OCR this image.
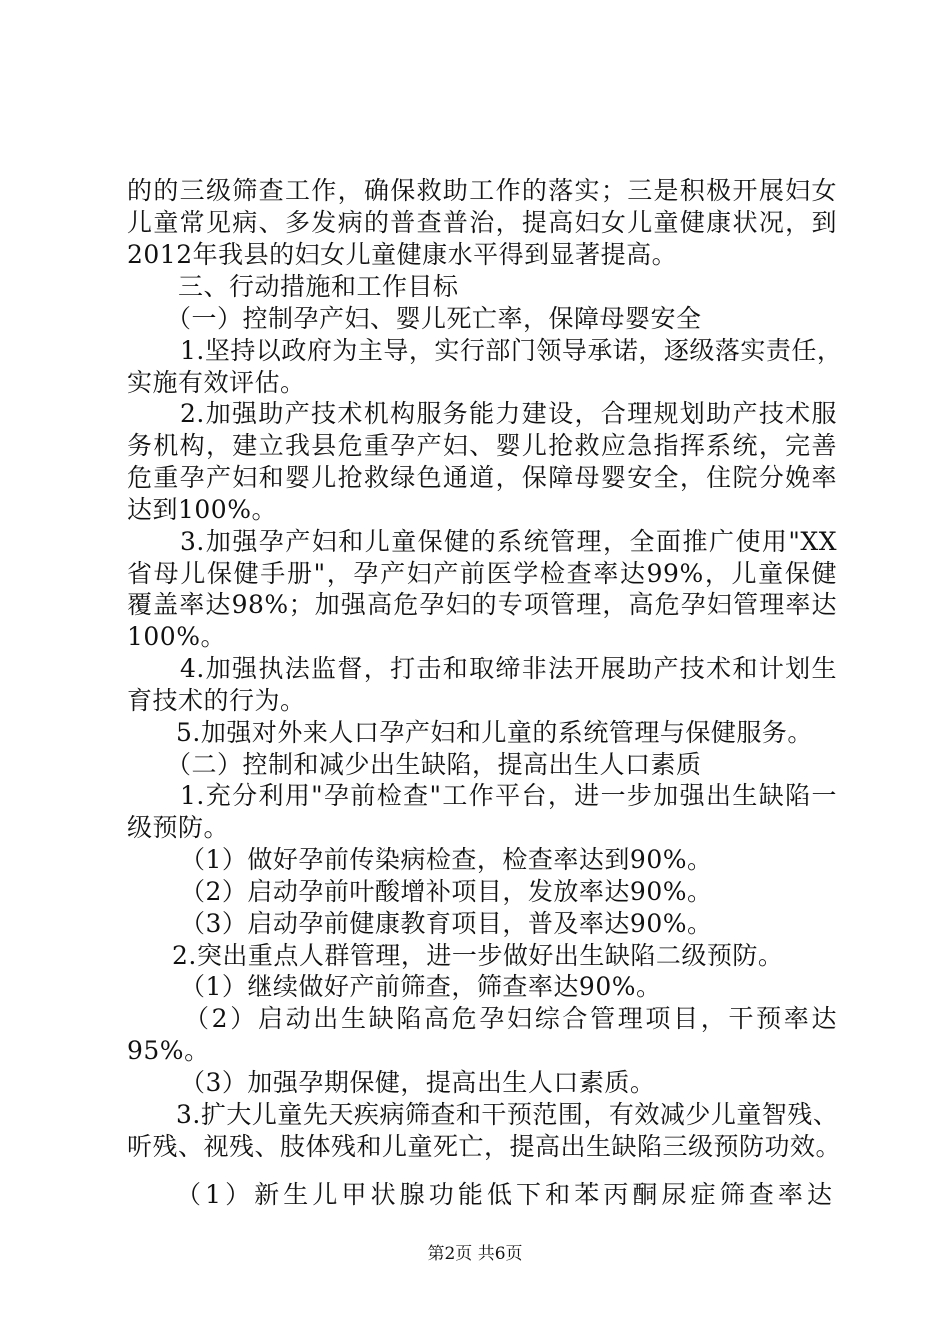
的的三级筛查工作，确保救助工作的落实；三是积极开展妇女
儿童常见病、多发病的普查普治，提高妇女儿童健康状况，到
2012年我县的妇女儿童健康水平得到显著提高。
三、行动措施和工作目标
（一）控制孕产妇、婴儿死亡率，保障母婴安全
1.坚持以政府为主导，实行部门领导承诺，逐级落实责任，
实施有效评估。
2.加强助产技术机构服务能力建设，合理规划助产技术服
务机构，建立我县危重孕产妇、婴儿抢救应急指挥系统，完善
危重孕产妇和婴儿抢救绿色通道，保障母婴安全，住院分娩率
达到100%。
3.加强孕产妇和儿童保健的系统管理，全面推广使用"XX
省母儿保健手册"，孕产妇产前医学检查率达99%，儿童保健
覆盖率达98%；加强高危孕妇的专项管理，高危孕妇管理率达
100%。
4.加强执法监督，打击和取缔非法开展助产技术和计划生
育技术的行为。
5.加强对外来人口孕产妇和儿童的系统管理与保健服务。
（二）控制和减少出生缺陷，提高出生人口素质
1.充分利用"孕前检查"工作平台，进一步加强出生缺陷一
级预防。
（1）做好孕前传染病检查，检查率达到90%。
（2）启动孕前叶酸增补项目，发放率达90%。
（3）启动孕前健康教育项目，普及率达90%。
2.突出重点人群管理，进一步做好出生缺陷二级预防。
（1）继续做好产前筛查，筛查率达90%。
（2）启动出生缺陷高危孕妇综合管理项目，干预率达
95%。
（3）加强孕期保健，提高出生人口素质。
3.扩大儿童先天疾病筛查和干预范围，有效减少儿童智残、
听残、视残、肢体残和儿童死亡，提高出生缺陷三级预防功效。
（1）新生儿甲状腺功能低下和苯丙酮尿症筛查率达
第2页 共6页
